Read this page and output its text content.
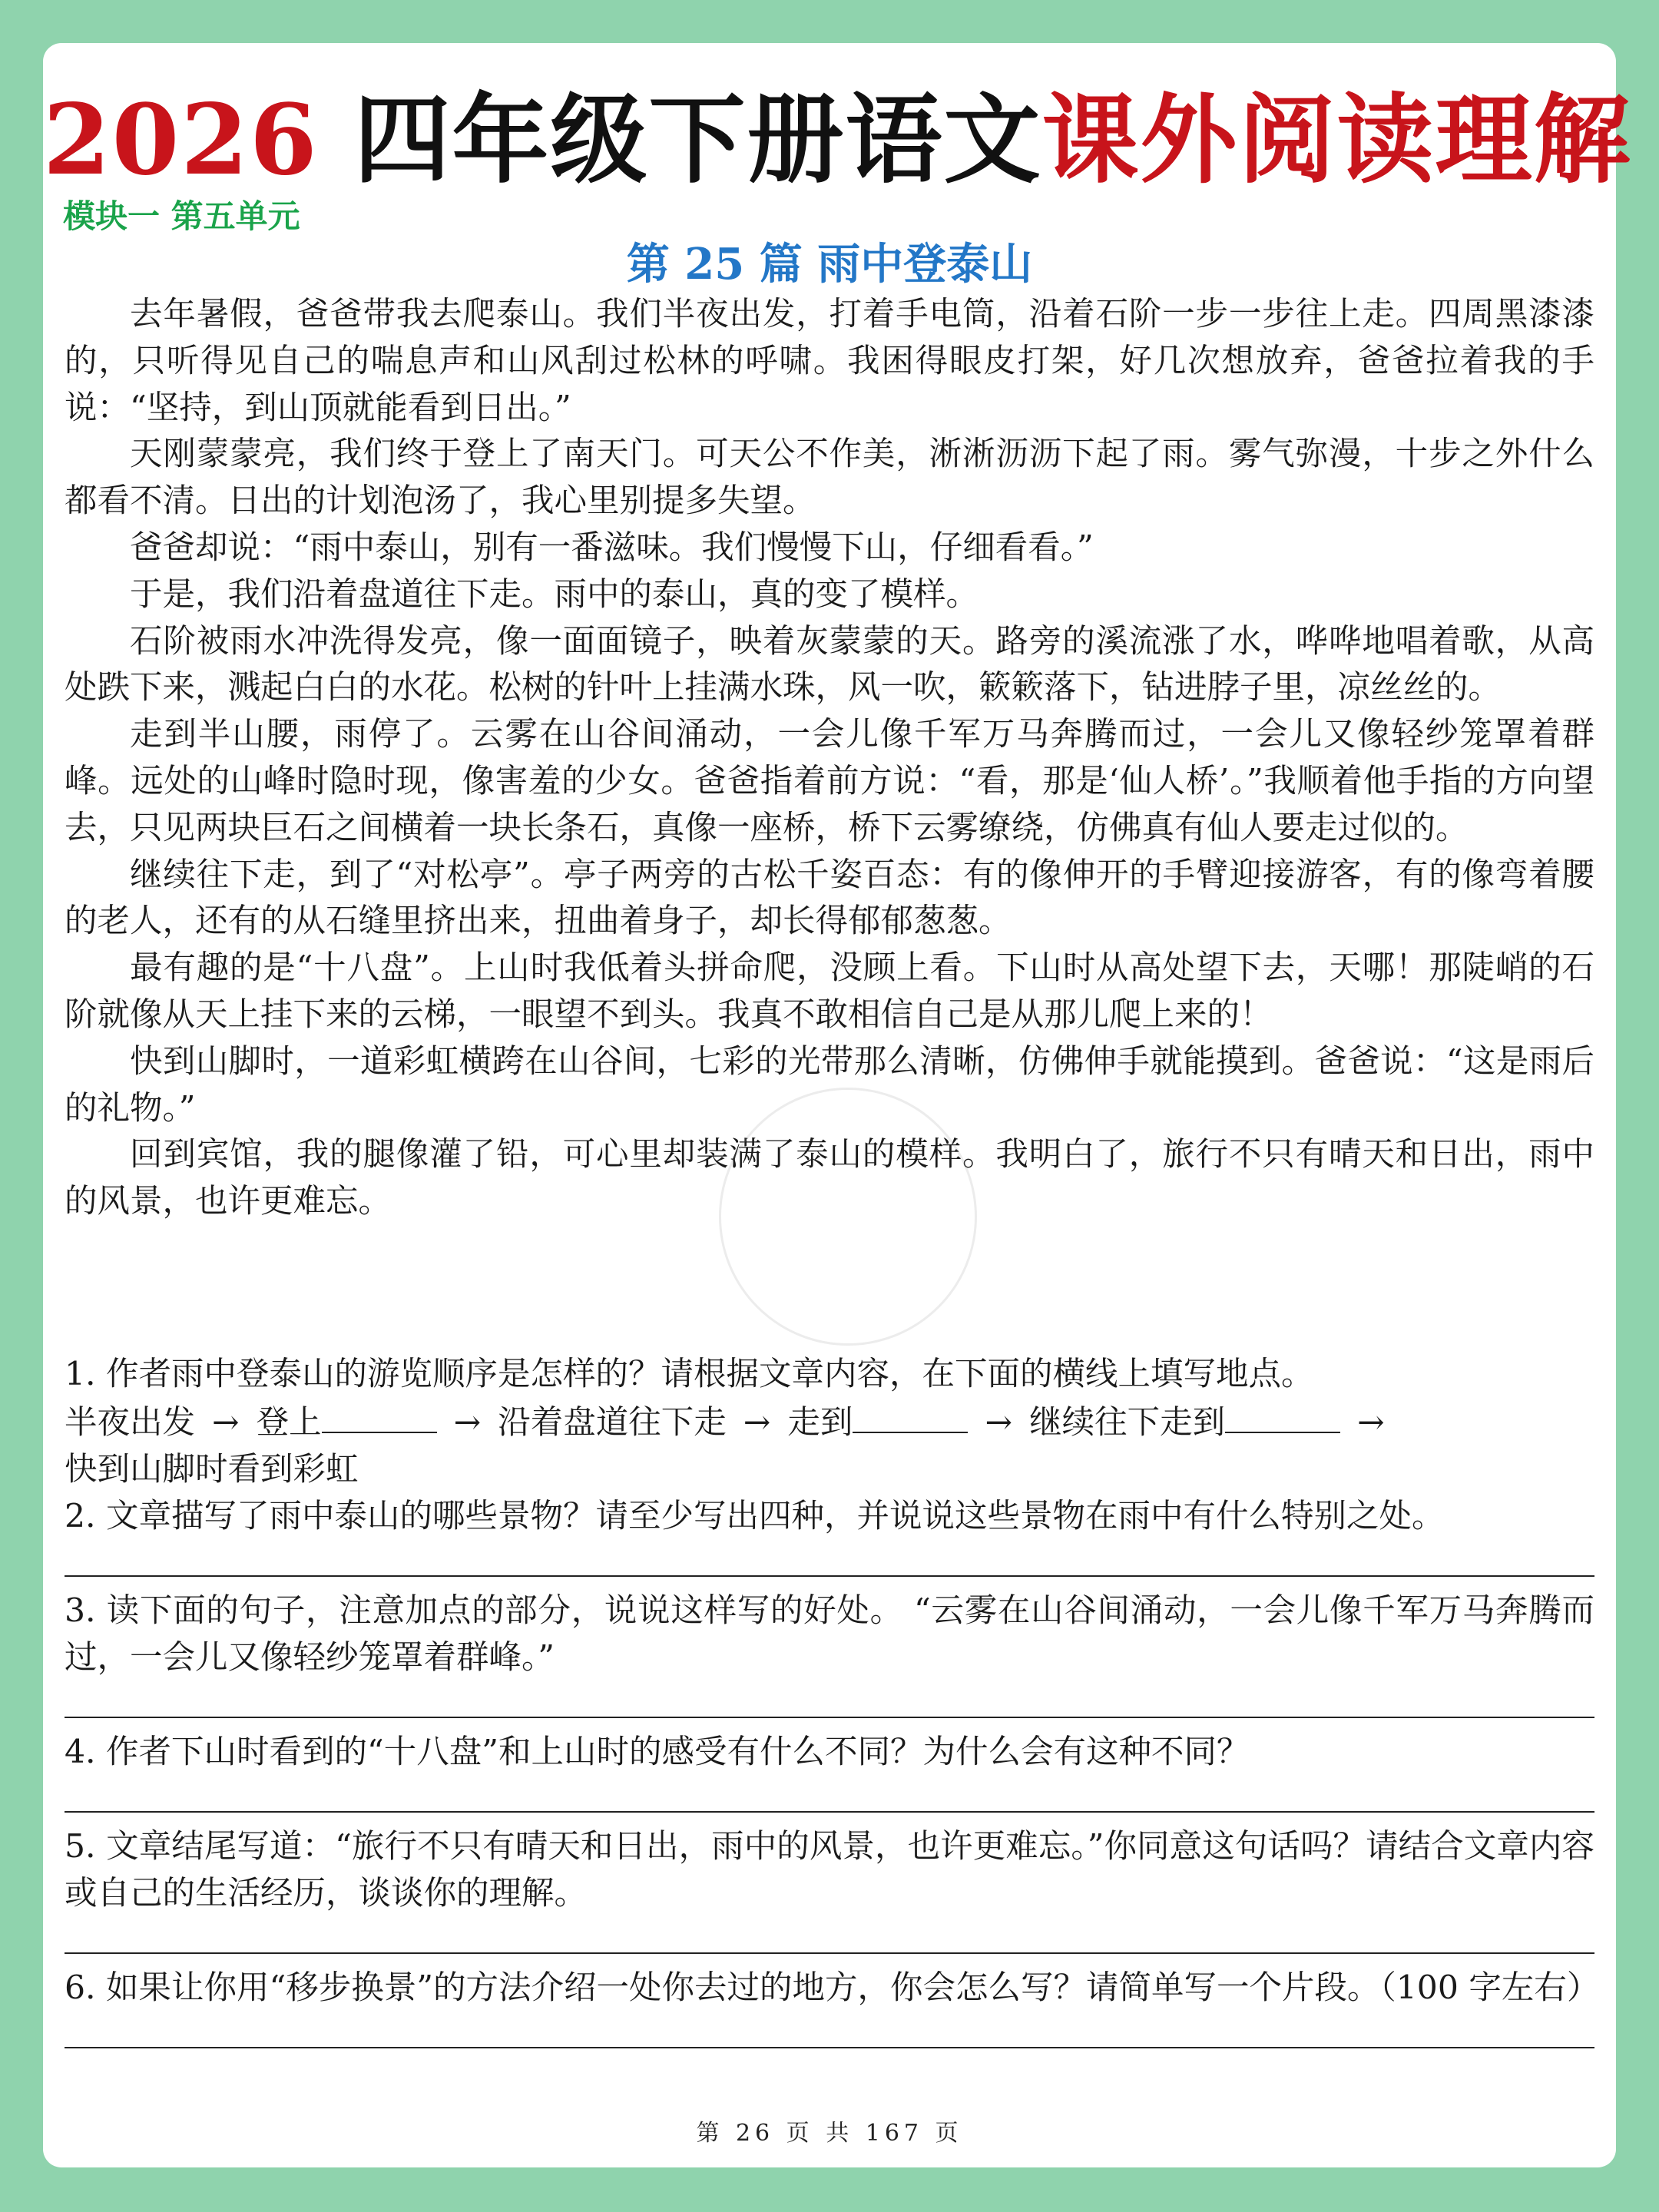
2026 四年级下册语文课外阅读理解
模块一 第五单元
第 25 篇 雨中登泰山

去年暑假，爸爸带我去爬泰山。我们半夜出发，打着手电筒，沿着石阶一步一步往上走。四周黑漆漆的，只听得见自己的喘息声和山风刮过松林的呼啸。我困得眼皮打架，好几次想放弃，爸爸拉着我的手说：“坚持，到山顶就能看到日出。”

天刚蒙蒙亮，我们终于登上了南天门。可天公不作美，淅淅沥沥下起了雨。雾气弥漫，十步之外什么都看不清。日出的计划泡汤了，我心里别提多失望。

爸爸却说：“雨中泰山，别有一番滋味。我们慢慢下山，仔细看看。”

于是，我们沿着盘道往下走。雨中的泰山，真的变了模样。

石阶被雨水冲洗得发亮，像一面面镜子，映着灰蒙蒙的天。路旁的溪流涨了水，哗哗地唱着歌，从高处跌下来，溅起白白的水花。松树的针叶上挂满水珠，风一吹，簌簌落下，钻进脖子里，凉丝丝的。

走到半山腰，雨停了。云雾在山谷间涌动，一会儿像千军万马奔腾而过，一会儿又像轻纱笼罩着群峰。远处的山峰时隐时现，像害羞的少女。爸爸指着前方说：“看，那是‘仙人桥’。”我顺着他手指的方向望去，只见两块巨石之间横着一块长条石，真像一座桥，桥下云雾缭绕，仿佛真有仙人要走过似的。

继续往下走，到了“对松亭”。亭子两旁的古松千姿百态：有的像伸开的手臂迎接游客，有的像弯着腰的老人，还有的从石缝里挤出来，扭曲着身子，却长得郁郁葱葱。

最有趣的是“十八盘”。上山时我低着头拼命爬，没顾上看。下山时从高处望下去，天哪！那陡峭的石阶就像从天上挂下来的云梯，一眼望不到头。我真不敢相信自己是从那儿爬上来的！

快到山脚时，一道彩虹横跨在山谷间，七彩的光带那么清晰，仿佛伸手就能摸到。爸爸说：“这是雨后的礼物。”

回到宾馆，我的腿像灌了铅，可心里却装满了泰山的模样。我明白了，旅行不只有晴天和日出，雨中的风景，也许更难忘。

1. 作者雨中登泰山的游览顺序是怎样的？请根据文章内容，在下面的横线上填写地点。

半夜出发 → 登上	→ 沿着盘道往下走 → 走到	→ 继续往下走到	→
快到山脚时看到彩虹

2. 文章描写了雨中泰山的哪些景物？请至少写出四种，并说说这些景物在雨中有什么特别之处。

3. 读下面的句子，注意加点的部分，说说这样写的好处。 “云雾在山谷间涌动，一会儿像千军万马奔腾而过，一会儿又像轻纱笼罩着群峰。”

4. 作者下山时看到的“十八盘”和上山时的感受有什么不同？为什么会有这种不同？

5. 文章结尾写道：“旅行不只有晴天和日出，雨中的风景，也许更难忘。”你同意这句话吗？请结合文章内容或自己的生活经历，谈谈你的理解。

6. 如果让你用“移步换景”的方法介绍一处你去过的地方，你会怎么写？请简单写一个片段。（100 字左右）

第 26 页 共 167 页
